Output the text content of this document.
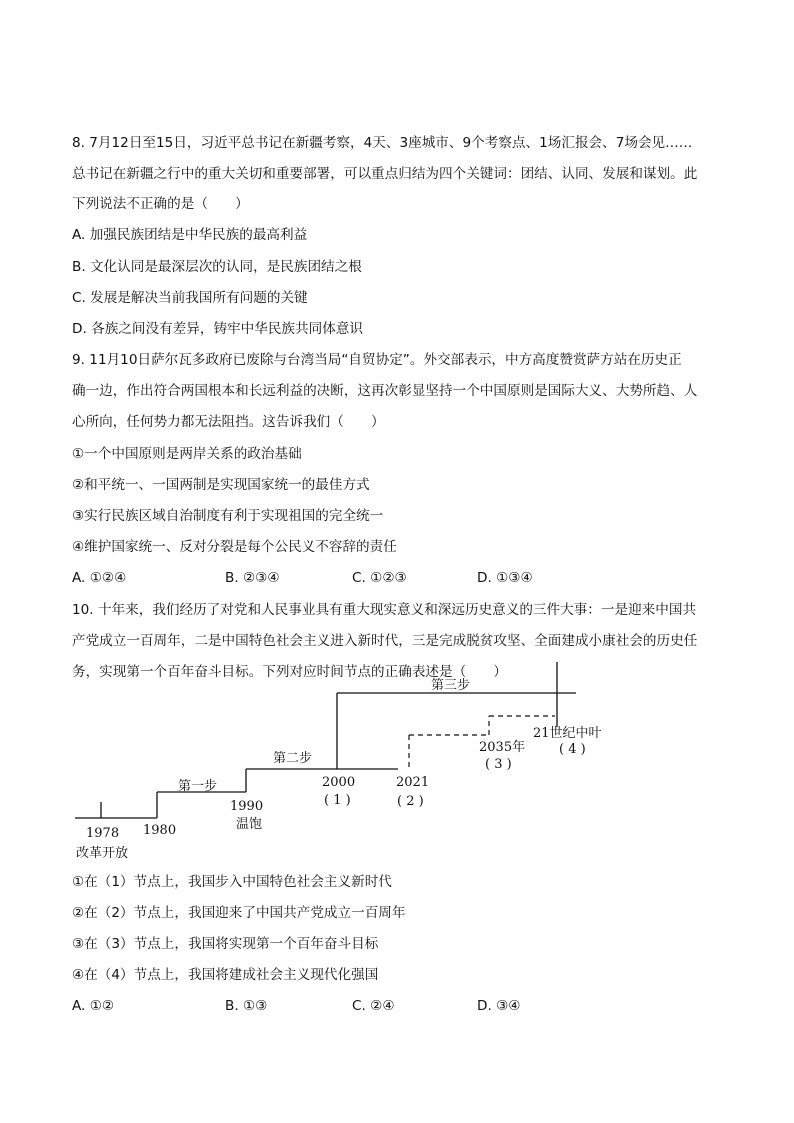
8. 7月12日至15日，习近平总书记在新疆考察，4天、3座城市、9个考察点、1场汇报会、7场会见……
总书记在新疆之行中的重大关切和重要部署，可以重点归结为四个关键词：团结、认同、发展和谋划。此
下列说法不正确的是（　　）
A. 加强民族团结是中华民族的最高利益
B. 文化认同是最深层次的认同，是民族团结之根
C. 发展是解决当前我国所有问题的关键
D. 各族之间没有差异，铸牢中华民族共同体意识
9. 11月10日萨尔瓦多政府已废除与台湾当局“自贸协定”。外交部表示，中方高度赞赏萨方站在历史正
确一边，作出符合两国根本和长远利益的决断，这再次彰显坚持一个中国原则是国际大义、大势所趋、人
心所向，任何势力都无法阻挡。这告诉我们（　　）
①一个中国原则是两岸关系的政治基础
②和平统一、一国两制是实现国家统一的最佳方式
③实行民族区域自治制度有利于实现祖国的完全统一
④维护国家统一、反对分裂是每个公民义不容辞的责任
A. ①②④	B. ②③④	C. ①②③	D. ①③④
10. 十年来，我们经历了对党和人民事业具有重大现实意义和深远历史意义的三件大事：一是迎来中国共
产党成立一百周年，二是中国特色社会主义进入新时代，三是完成脱贫攻坚、全面建成小康社会的历史任
务，实现第一个百年奋斗目标。下列对应时间节点的正确表述是（　　）
第一步
第二步
第三步
1978
改革开放
1980
1990
温饱
2000
( 1 )
2021
( 2 )
2035年
( 3 )
21世纪中叶
( 4 )
①在（1）节点上，我国步入中国特色社会主义新时代
②在（2）节点上，我国迎来了中国共产党成立一百周年
③在（3）节点上，我国将实现第一个百年奋斗目标
④在（4）节点上，我国将建成社会主义现代化强国
A. ①②	B. ①③	C. ②④	D. ③④
